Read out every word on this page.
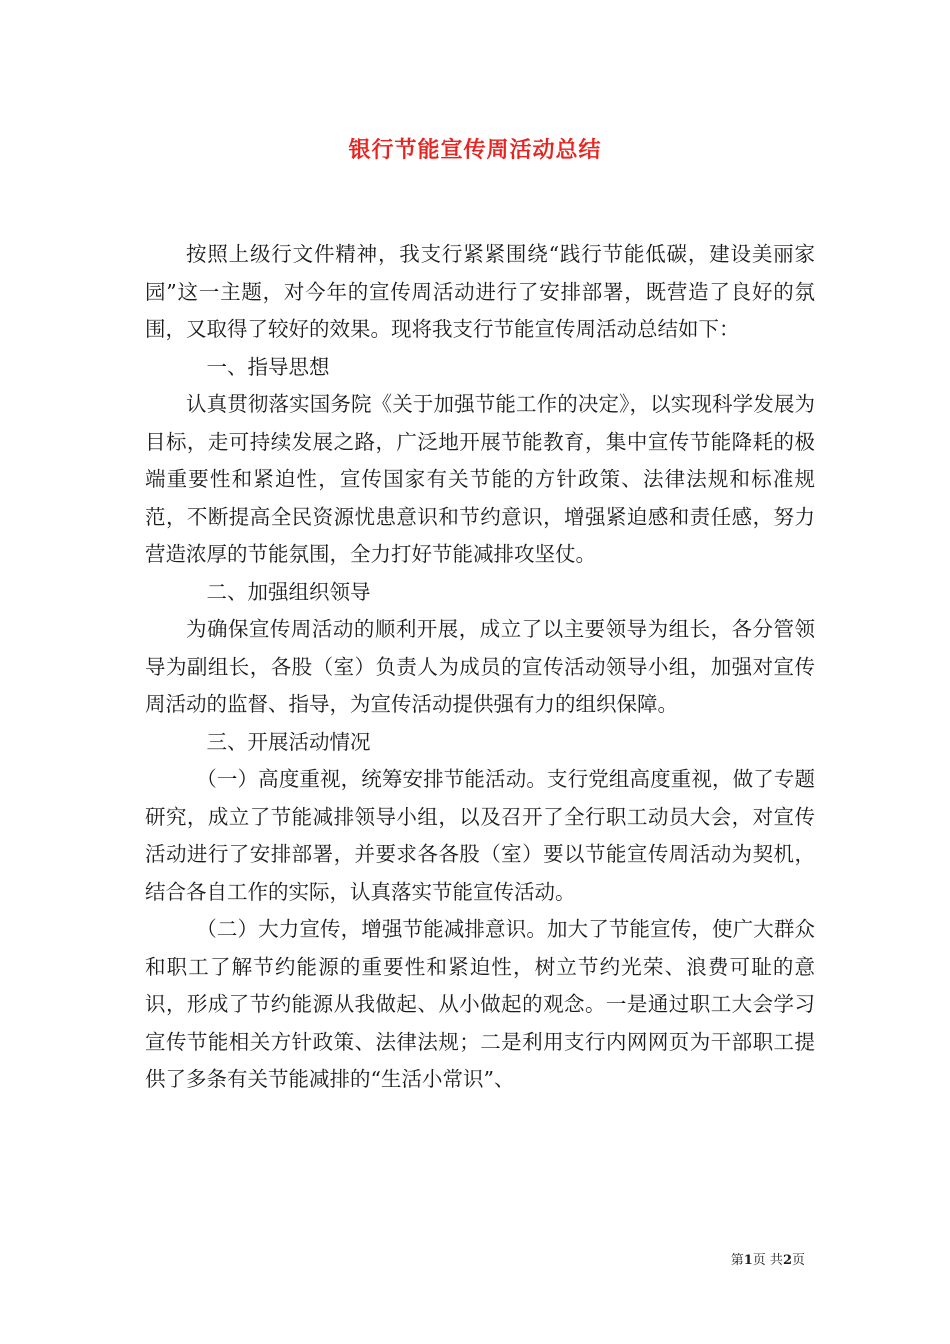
银行节能宣传周活动总结

按照上级行文件精神，我支行紧紧围绕“践行节能低碳，建设美丽家园”这一主题，对今年的宣传周活动进行了安排部署，既营造了良好的氛围，又取得了较好的效果。现将我支行节能宣传周活动总结如下：

一、指导思想

认真贯彻落实国务院《关于加强节能工作的决定》，以实现科学发展为目标，走可持续发展之路，广泛地开展节能教育，集中宣传节能降耗的极端重要性和紧迫性，宣传国家有关节能的方针政策、法律法规和标准规范，不断提高全民资源忧患意识和节约意识，增强紧迫感和责任感，努力营造浓厚的节能氛围，全力打好节能减排攻坚仗。

二、加强组织领导

为确保宣传周活动的顺利开展，成立了以主要领导为组长，各分管领导为副组长，各股（室）负责人为成员的宣传活动领导小组，加强对宣传周活动的监督、指导，为宣传活动提供强有力的组织保障。

三、开展活动情况

（一）高度重视，统筹安排节能活动。支行党组高度重视，做了专题研究，成立了节能减排领导小组，以及召开了全行职工动员大会，对宣传活动进行了安排部署，并要求各各股（室）要以节能宣传周活动为契机，结合各自工作的实际，认真落实节能宣传活动。

（二）大力宣传，增强节能减排意识。加大了节能宣传，使广大群众和职工了解节约能源的重要性和紧迫性，树立节约光荣、浪费可耻的意识，形成了节约能源从我做起、从小做起的观念。一是通过职工大会学习宣传节能相关方针政策、法律法规；二是利用支行内网网页为干部职工提供了多条有关节能减排的“生活小常识”、

第1页 共2页
